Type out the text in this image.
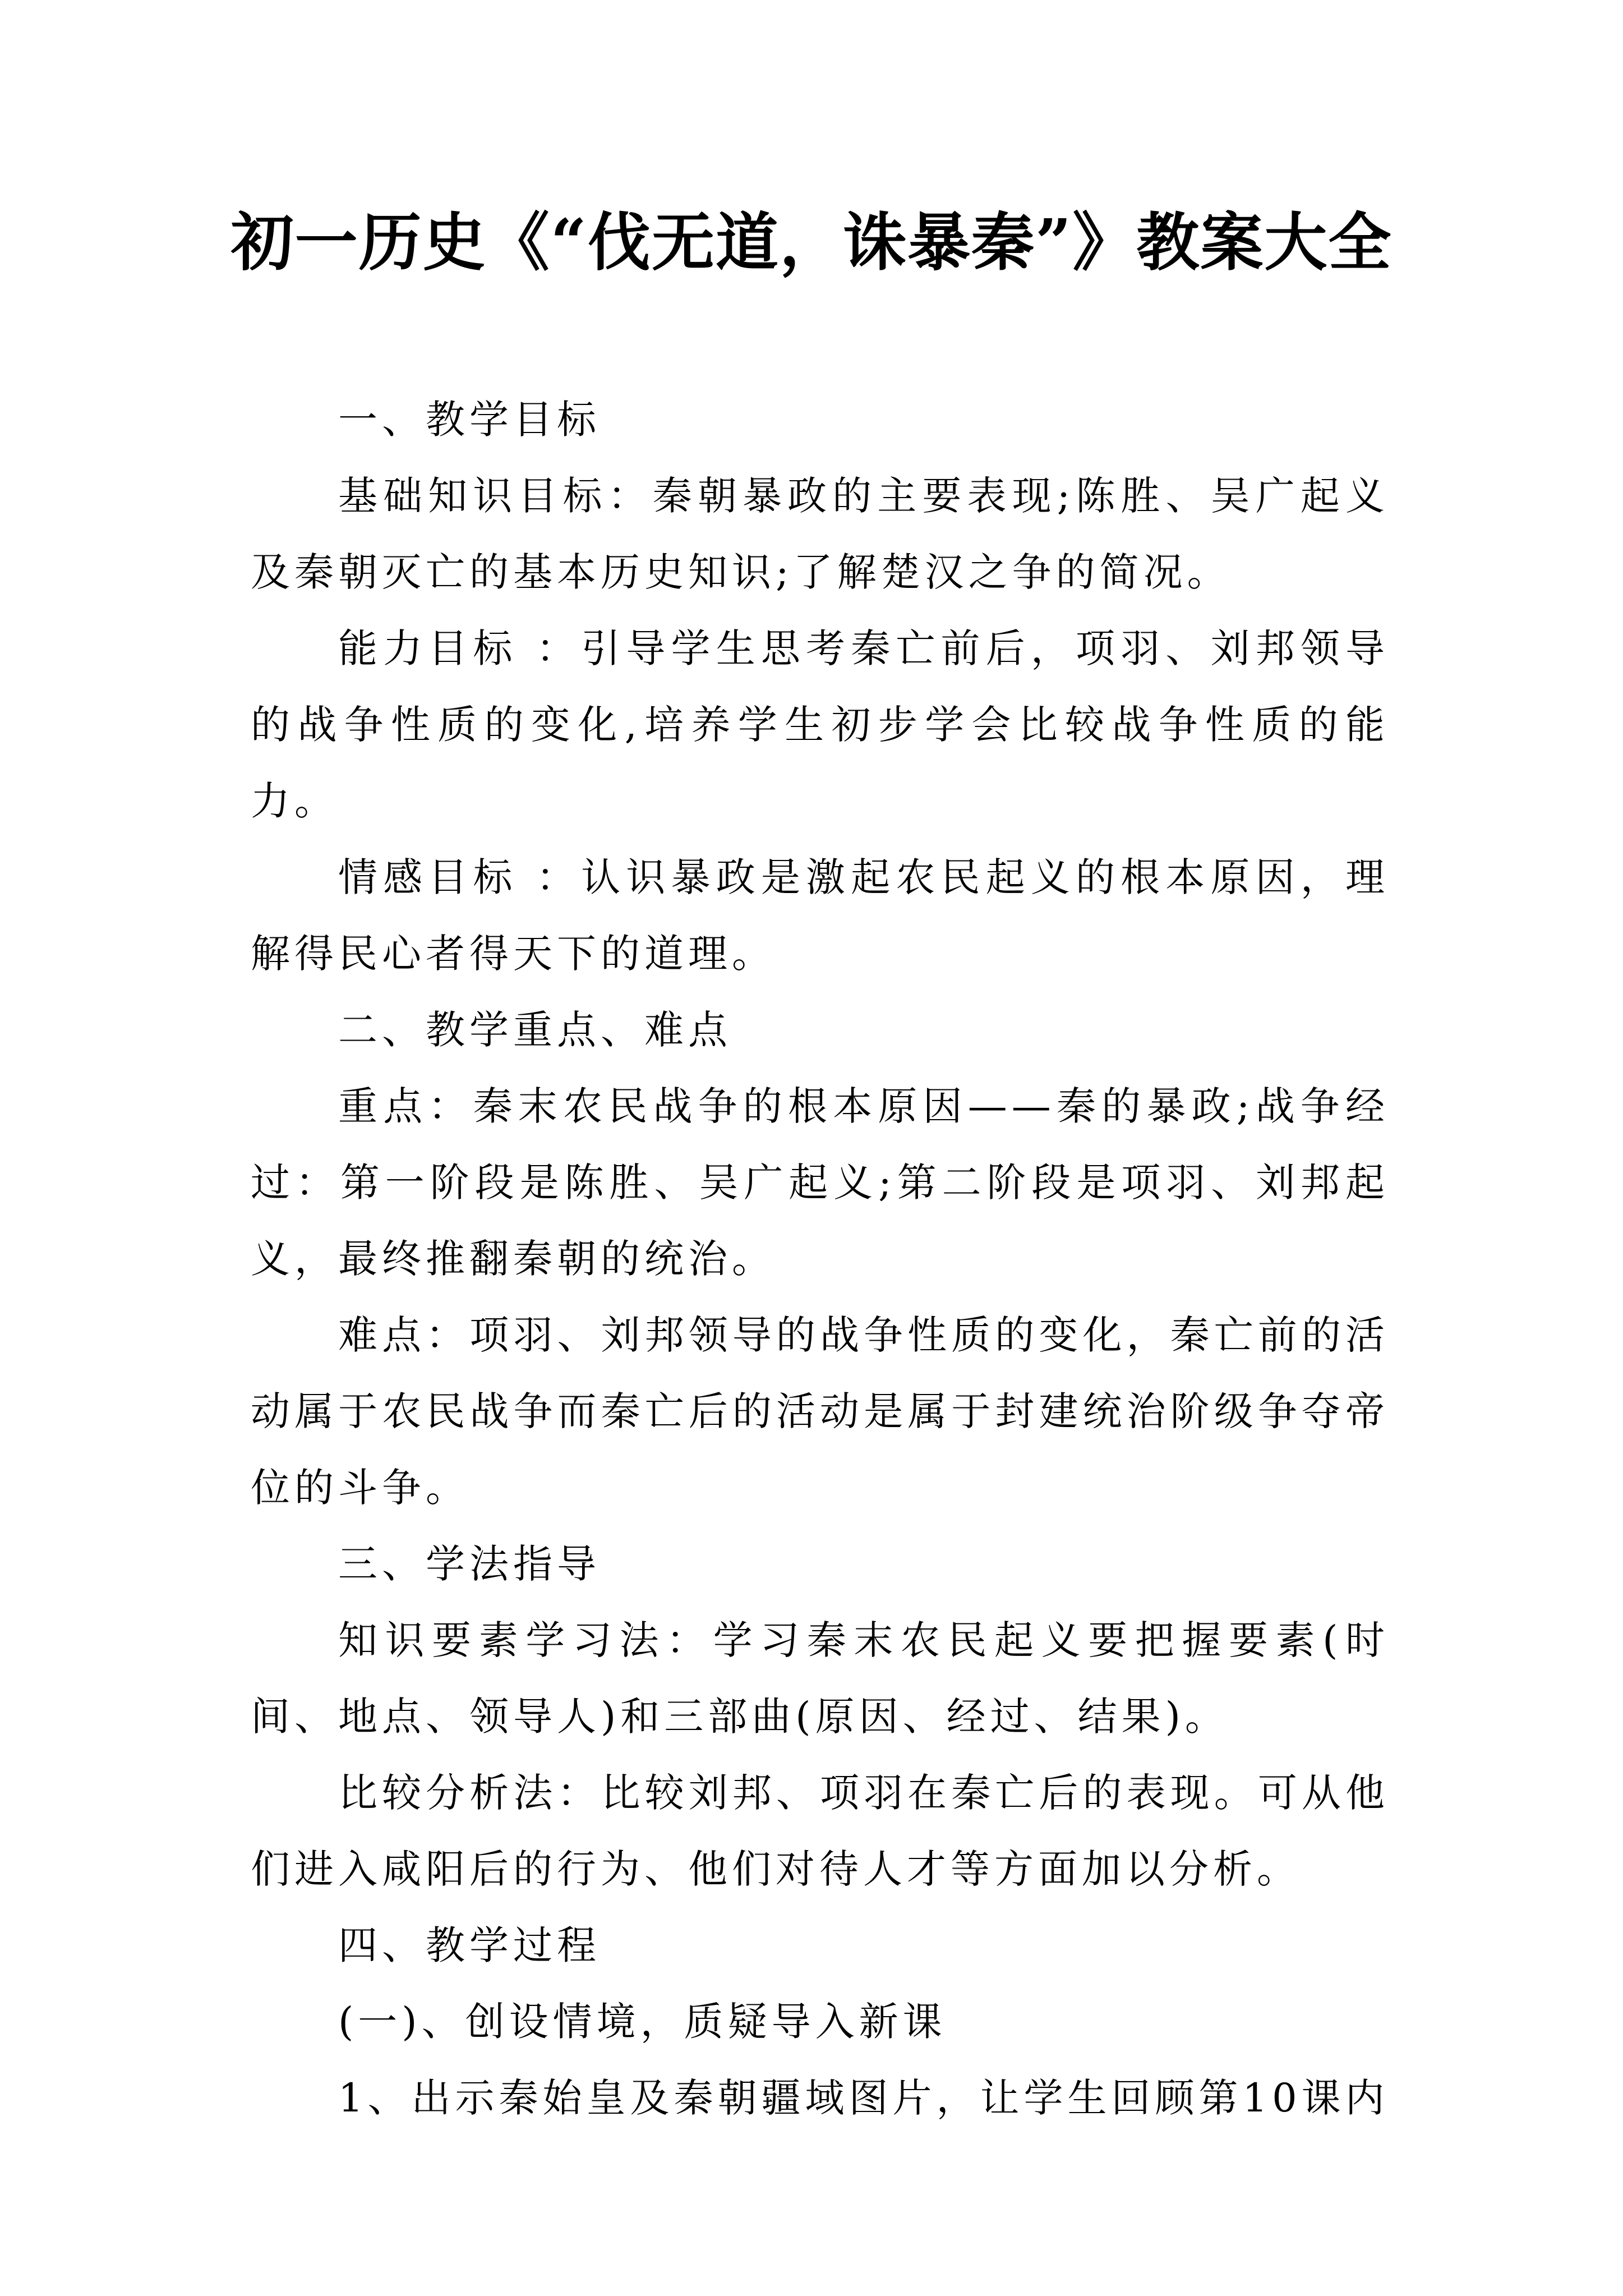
初一历史《“伐无道，诛暴秦”》教案大全

一、教学目标

基础知识目标：秦朝暴政的主要表现;陈胜、吴广起义及秦朝灭亡的基本历史知识;了解楚汉之争的简况。

能力目标 ：引导学生思考秦亡前后，项羽、刘邦领导的战争性质的变化,培养学生初步学会比较战争性质的能力。

情感目标 ：认识暴政是激起农民起义的根本原因，理解得民心者得天下的道理。

二、教学重点、难点

重点：秦末农民战争的根本原因——秦的暴政;战争经过：第一阶段是陈胜、吴广起义;第二阶段是项羽、刘邦起义，最终推翻秦朝的统治。

难点：项羽、刘邦领导的战争性质的变化，秦亡前的活动属于农民战争而秦亡后的活动是属于封建统治阶级争夺帝位的斗争。

三、学法指导

知识要素学习法：学习秦末农民起义要把握要素(时间、地点、领导人)和三部曲(原因、经过、结果)。

比较分析法：比较刘邦、项羽在秦亡后的表现。可从他们进入咸阳后的行为、他们对待人才等方面加以分析。

四、教学过程

(一)、创设情境，质疑导入新课

1、出示秦始皇及秦朝疆域图片，让学生回顾第10课内
